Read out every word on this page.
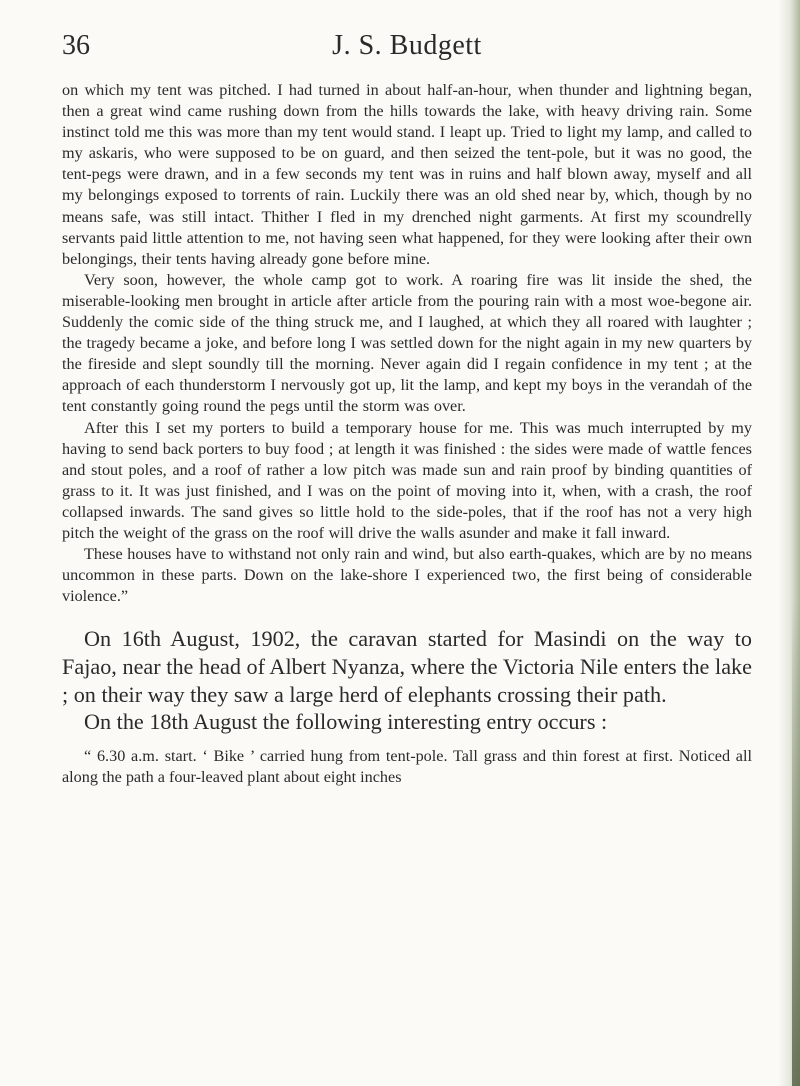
36	J. S. Budgett

on which my tent was pitched. I had turned in about half-an-hour, when thunder and lightning began, then a great wind came rushing down from the hills towards the lake, with heavy driving rain. Some instinct told me this was more than my tent would stand. I leapt up. Tried to light my lamp, and called to my askaris, who were supposed to be on guard, and then seized the tent-pole, but it was no good, the tent-pegs were drawn, and in a few seconds my tent was in ruins and half blown away, myself and all my belongings exposed to torrents of rain. Luckily there was an old shed near by, which, though by no means safe, was still intact. Thither I fled in my drenched night garments. At first my scoundrelly servants paid little attention to me, not having seen what happened, for they were looking after their own belongings, their tents having already gone before mine.

Very soon, however, the whole camp got to work. A roaring fire was lit inside the shed, the miserable-looking men brought in article after article from the pouring rain with a most woe-begone air. Suddenly the comic side of the thing struck me, and I laughed, at which they all roared with laughter ; the tragedy became a joke, and before long I was settled down for the night again in my new quarters by the fireside and slept soundly till the morning. Never again did I regain confidence in my tent ; at the approach of each thunderstorm I nervously got up, lit the lamp, and kept my boys in the verandah of the tent constantly going round the pegs until the storm was over.

After this I set my porters to build a temporary house for me. This was much interrupted by my having to send back porters to buy food ; at length it was finished : the sides were made of wattle fences and stout poles, and a roof of rather a low pitch was made sun and rain proof by binding quantities of grass to it. It was just finished, and I was on the point of moving into it, when, with a crash, the roof collapsed inwards. The sand gives so little hold to the side-poles, that if the roof has not a very high pitch the weight of the grass on the roof will drive the walls asunder and make it fall inward.

These houses have to withstand not only rain and wind, but also earth-quakes, which are by no means uncommon in these parts. Down on the lake-shore I experienced two, the first being of considerable violence.”

On 16th August, 1902, the caravan started for Masindi on the way to Fajao, near the head of Albert Nyanza, where the Victoria Nile enters the lake ; on their way they saw a large herd of elephants crossing their path.

On the 18th August the following interesting entry occurs :

“ 6.30 a.m. start. ‘ Bike ’ carried hung from tent-pole. Tall grass and thin forest at first. Noticed all along the path a four-leaved plant about eight inches
